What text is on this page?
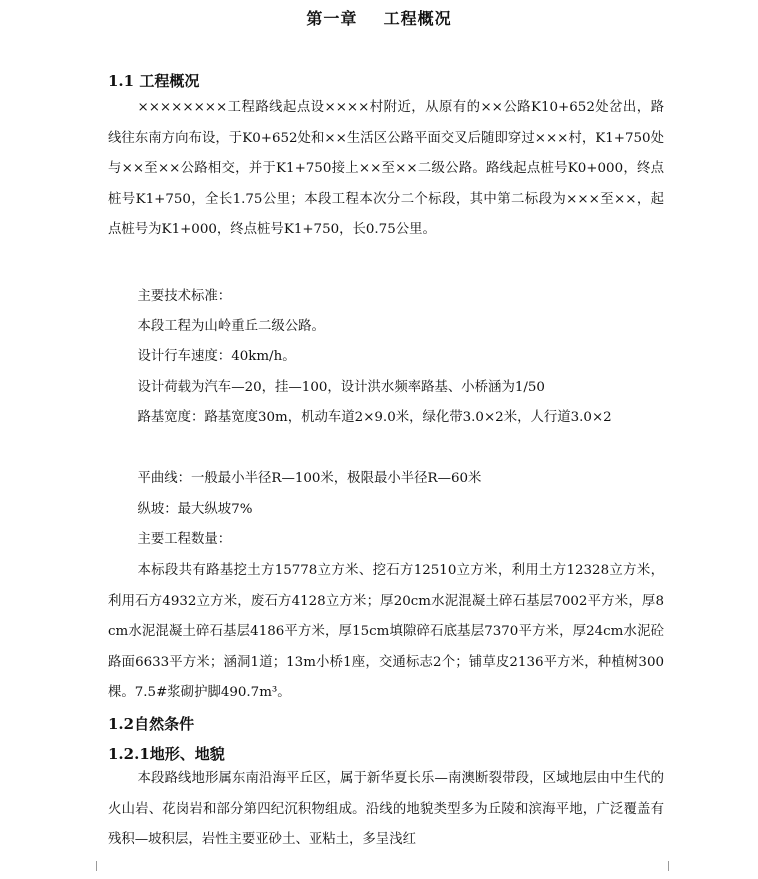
第一章    工程概况
1.1 工程概况
××××××××工程路线起点设××××村附近，从原有的××公路K10+652处岔出，路线往东南方向布设，于K0+652处和××生活区公路平面交叉后随即穿过×××村，K1+750处与××至××公路相交，并于K1+750接上××至××二级公路。路线起点桩号K0+000，终点桩号K1+750，全长1.75公里；本段工程本次分二个标段，其中第二标段为×××至××，起点桩号为K1+000，终点桩号K1+750，长0.75公里。
主要技术标准：
本段工程为山岭重丘二级公路。
设计行车速度：40km/h。
设计荷载为汽车—20，挂—100，设计洪水频率路基、小桥涵为1/50
路基宽度：路基宽度30m，机动车道2×9.0米，绿化带3.0×2米，人行道3.0×2
平曲线：一般最小半径R—100米，极限最小半径R—60米
纵坡：最大纵坡7%
主要工程数量：
本标段共有路基挖土方15778立方米、挖石方12510立方米，利用土方12328立方米，利用石方4932立方米，废石方4128立方米；厚20cm水泥混凝土碎石基层7002平方米，厚8cm水泥混凝土碎石基层4186平方米，厚15cm填隙碎石底基层7370平方米，厚24cm水泥砼路面6633平方米；涵洞1道；13m小桥1座，交通标志2个；铺草皮2136平方米，种植树300棵。7.5#浆砌护脚490.7m³。
1.2自然条件
1.2.1地形、地貌
本段路线地形属东南沿海平丘区，属于新华夏长乐—南澳断裂带段，区域地层由中生代的火山岩、花岗岩和部分第四纪沉积物组成。沿线的地貌类型多为丘陵和滨海平地，广泛覆盖有残积—坡积层，岩性主要亚砂土、亚粘土，多呈浅红
